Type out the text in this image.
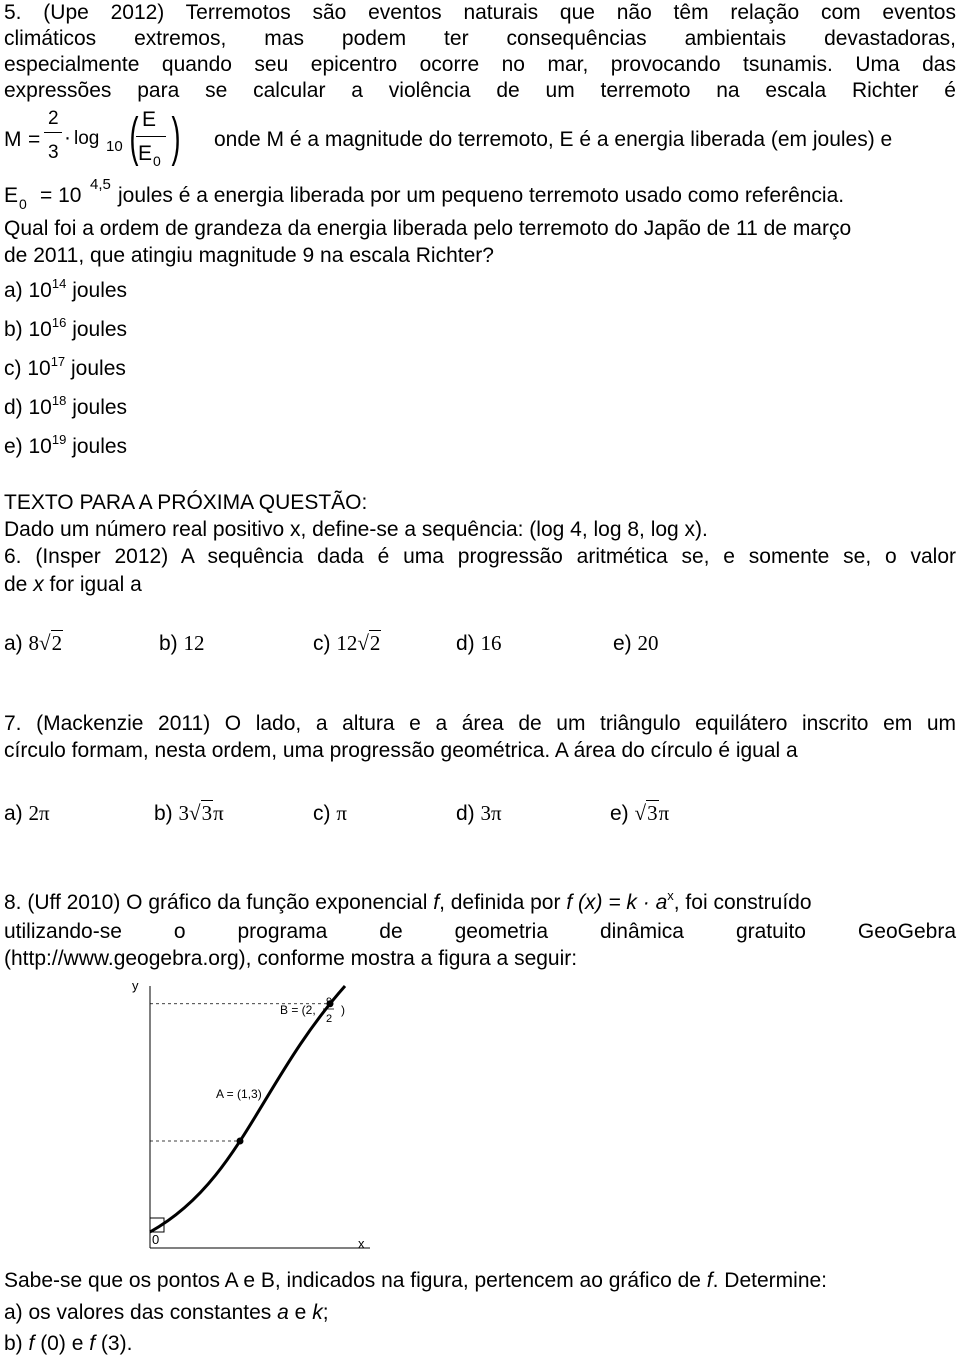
5. (Upe 2012) Terremotos são eventos naturais que não têm relação com eventos
climáticos extremos, mas podem ter consequências ambientais devastadoras,
especialmente quando seu epicentro ocorre no mar, provocando tsunamis. Uma das
expressões para se calcular a violência de um terremoto na escala Richter é
M =
2
3
· log 10 ( E
E 0 ) onde M é a magnitude do terremoto, E é a energia liberada (em joules) e
E 0 = 10 4,5 joules é a energia liberada por um pequeno terremoto usado como referência.
Qual foi a ordem de grandeza da energia liberada pelo terremoto do Japão de 11 de março
de 2011, que atingiu magnitude 9 na escala Richter?
a) $10^{14}$ joules
b) $10^{16}$ joules
c) $10^{17}$ joules
d) $10^{18}$ joules
e) $10^{19}$ joules
TEXTO PARA A PRÓXIMA QUESTÃO:
Dado um número real positivo x, define-se a sequência: (log 4, log 8, log x).
6. (Insper 2012) A sequência dada é uma progressão aritmética se, e somente se, o valor
de x for igual a
a) 8√2	b) 12	c) 12√2	d) 16	e) 20
7. (Mackenzie 2011) O lado, a altura e a área de um triângulo equilátero inscrito em um
círculo formam, nesta ordem, uma progressão geométrica. A área do círculo é igual a
a) 2π	b) 3√3π	c) π	d) 3π	e) √3π
8. (Uff 2010) O gráfico da função exponencial f, definida por f $(x) = k \cdot a^x$, foi construído
utilizando-se o programa de geometria dinâmica gratuito GeoGebra
(http://www.geogebra.org), conforme mostra a figura a seguir:
y
x
0
A = (1,3)
B = (2,
9
2
)
Sabe-se que os pontos A e B, indicados na figura, pertencem ao gráfico de f. Determine:
a) os valores das constantes a e k;
b) f (0) e f (3).
